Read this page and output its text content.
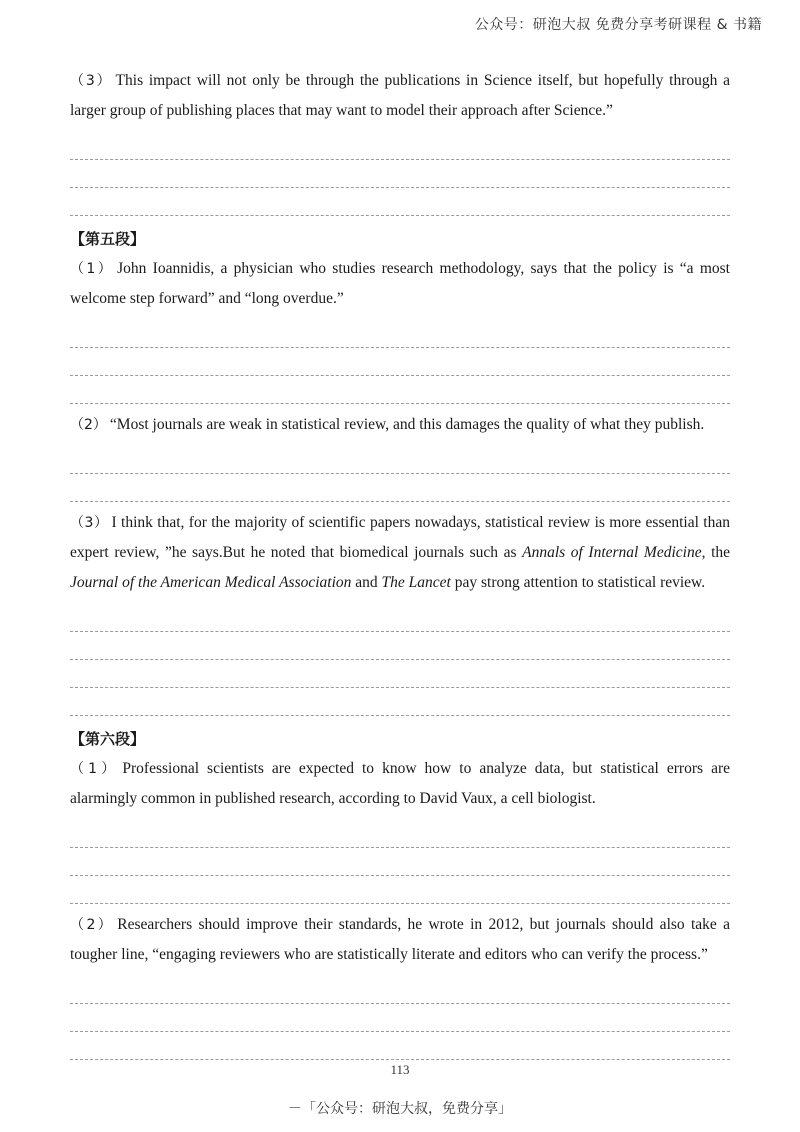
公众号：研泡大叔 免费分享考研课程 & 书籍

（3） This impact will not only be through the publications in Science itself, but hopefully through a larger group of publishing places that may want to model their approach after Science.”

【第五段】

（1） John Ioannidis, a physician who studies research methodology, says that the policy is “a most welcome step forward” and “long overdue.”

（2） “Most journals are weak in statistical review, and this damages the quality of what they publish.

（3） I think that, for the majority of scientific papers nowadays, statistical review is more essential than expert review, ”he says.But he noted that biomedical journals such as Annals of Internal Medicine, the Journal of the American Medical Association and The Lancet pay strong attention to statistical review.

【第六段】

（1） Professional scientists are expected to know how to analyze data, but statistical errors are alarmingly common in published research, according to David Vaux, a cell biologist.

（2） Researchers should improve their standards, he wrote in 2012, but journals should also take a tougher line, “engaging reviewers who are statistically literate and editors who can verify the process.”

113
－「公众号：研泡大叔，免费分享」
